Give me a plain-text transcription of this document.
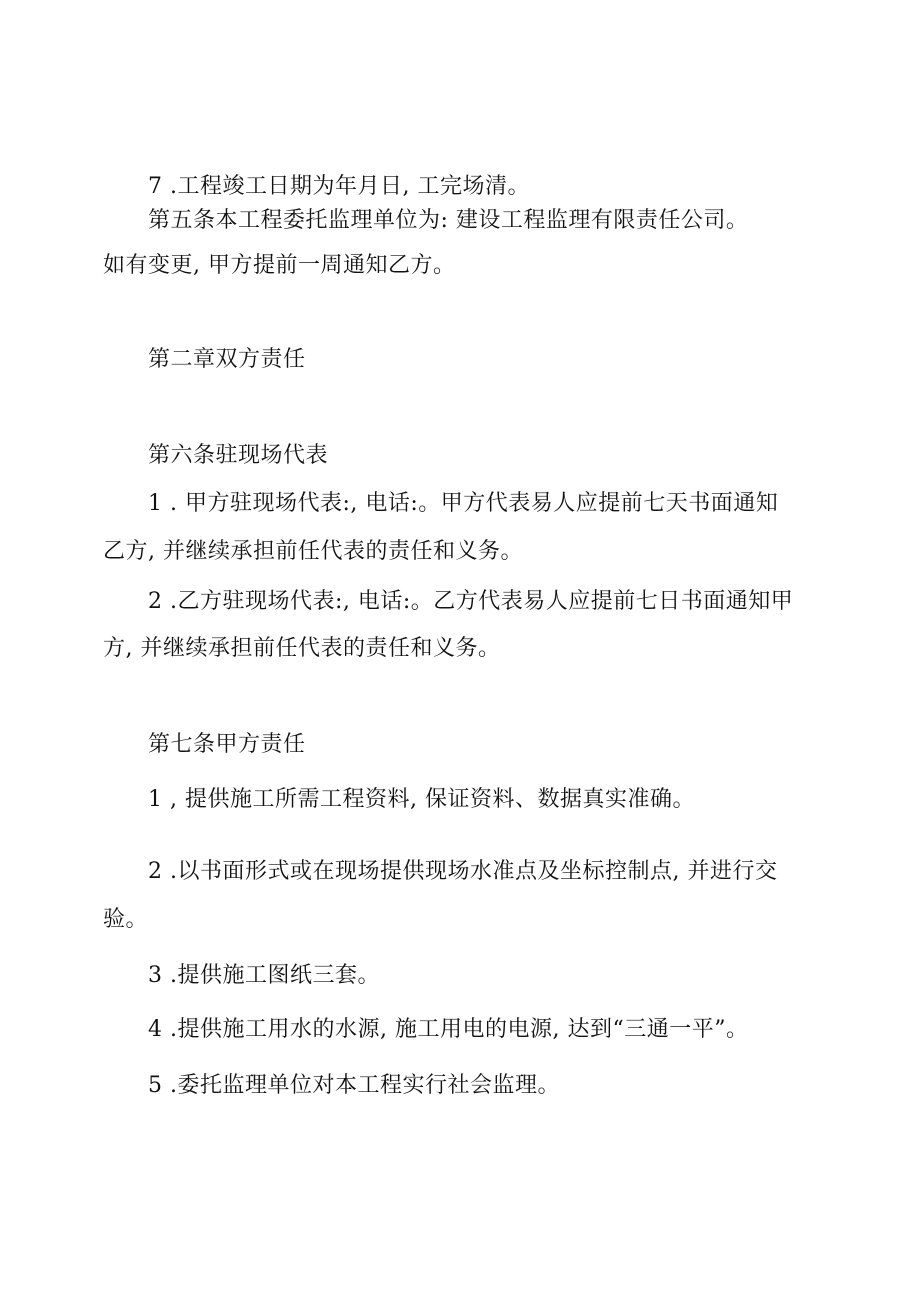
7 .工程竣工日期为年月日, 工完场清。

第五条本工程委托监理单位为: 建设工程监理有限责任公司。

如有变更, 甲方提前一周通知乙方。

第二章双方责任

第六条驻现场代表

1 . 甲方驻现场代表:, 电话:。甲方代表易人应提前七天书面通知

乙方, 并继续承担前任代表的责任和义务。

2 .乙方驻现场代表:, 电话:。乙方代表易人应提前七日书面通知甲

方, 并继续承担前任代表的责任和义务。

第七条甲方责任

1 , 提供施工所需工程资料, 保证资料、数据真实准确。

2 .以书面形式或在现场提供现场水准点及坐标控制点, 并进行交

验。

3 .提供施工图纸三套。

4 .提供施工用水的水源, 施工用电的电源, 达到“三通一平”。

5 .委托监理单位对本工程实行社会监理。
